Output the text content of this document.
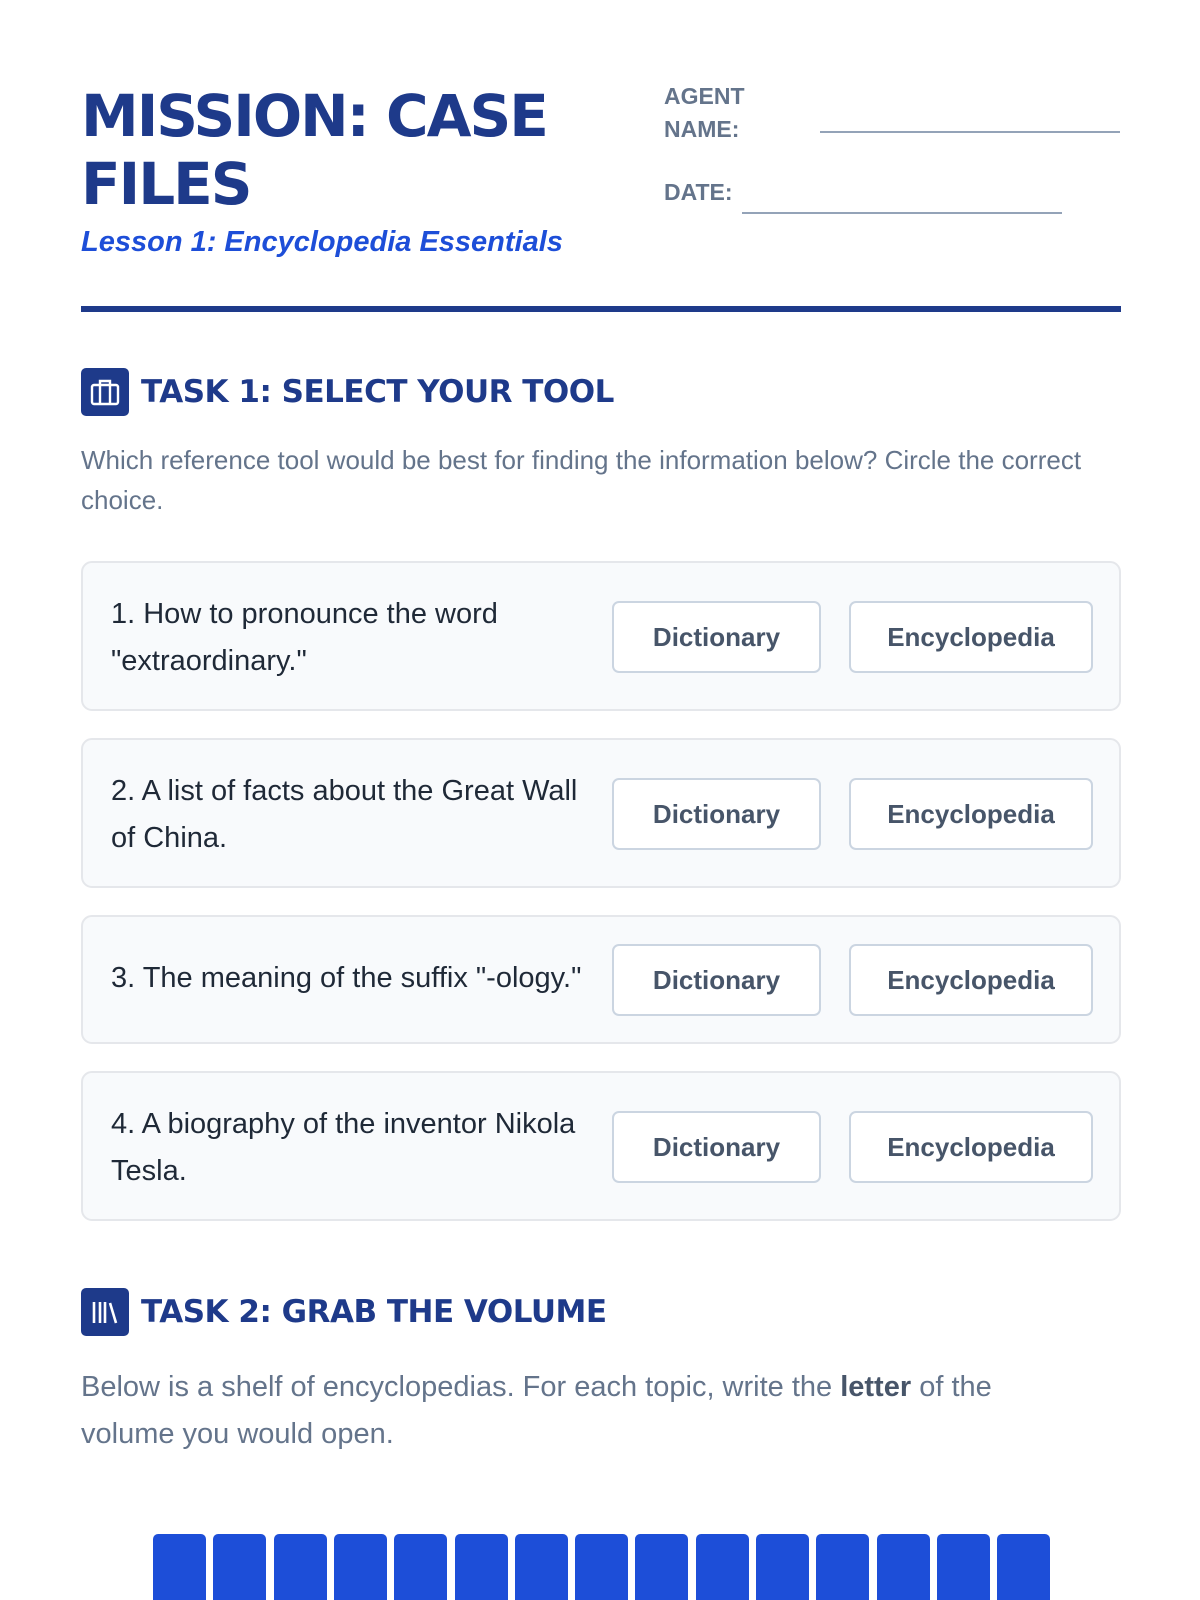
MISSION: CASE FILES
Lesson 1: Encyclopedia Essentials
AGENT NAME:
DATE:
TASK 1: SELECT YOUR TOOL
Which reference tool would be best for finding the information below? Circle the correct choice.
1. How to pronounce the word "extraordinary."
Dictionary	Encyclopedia
2. A list of facts about the Great Wall of China.
Dictionary	Encyclopedia
3. The meaning of the suffix "-ology."	Dictionary	Encyclopedia
4. A biography of the inventor Nikola Tesla.
Dictionary	Encyclopedia
TASK 2: GRAB THE VOLUME
Below is a shelf of encyclopedias. For each topic, write the letter of the volume you would open.
